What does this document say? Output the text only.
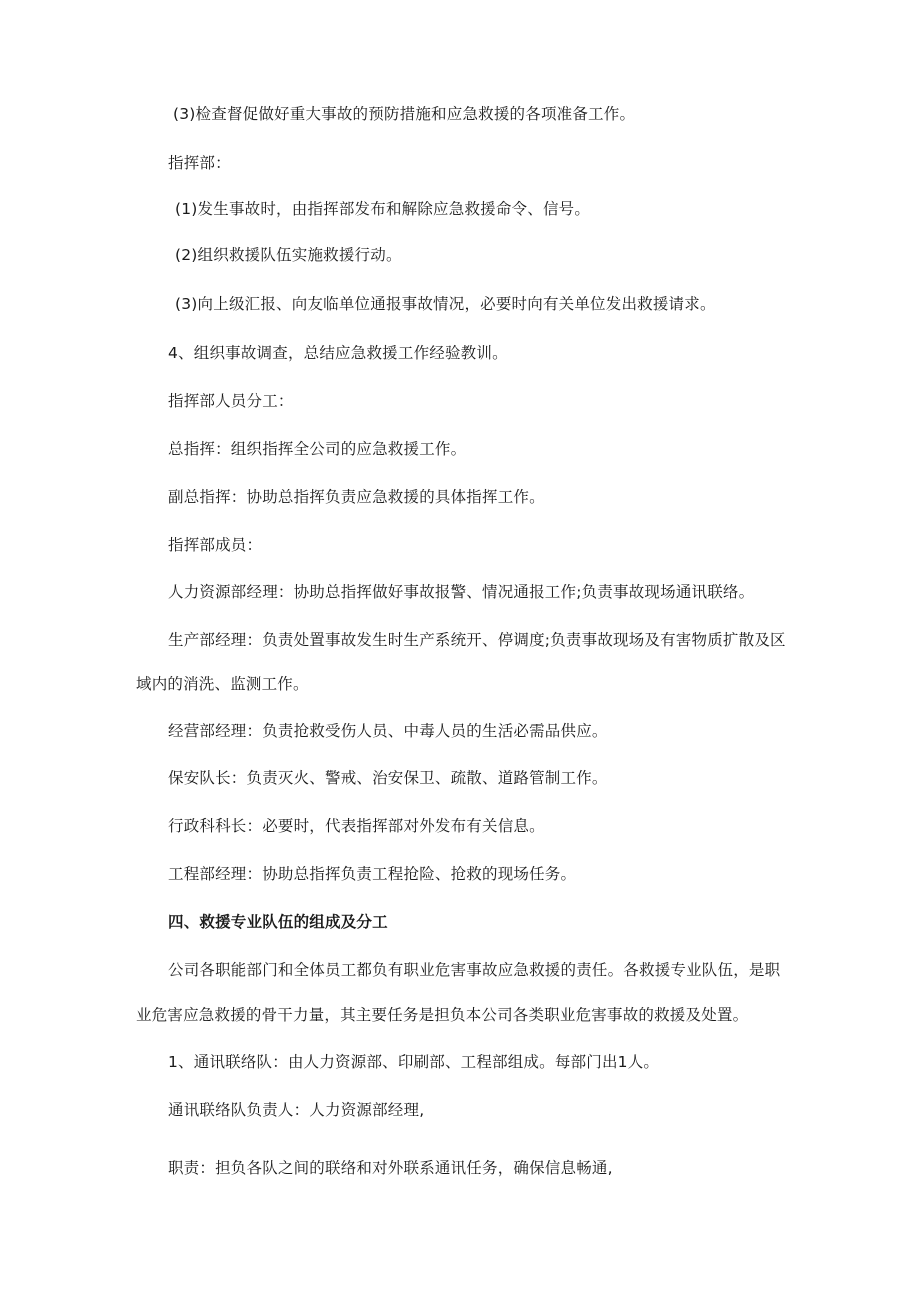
(3)检查督促做好重大事故的预防措施和应急救援的各项准备工作。
指挥部：
(1)发生事故时，由指挥部发布和解除应急救援命令、信号。
(2)组织救援队伍实施救援行动。
(3)向上级汇报、向友临单位通报事故情况，必要时向有关单位发出救援请求。
4、组织事故调查，总结应急救援工作经验教训。
指挥部人员分工：
总指挥：组织指挥全公司的应急救援工作。
副总指挥：协助总指挥负责应急救援的具体指挥工作。
指挥部成员：
人力资源部经理：协助总指挥做好事故报警、情况通报工作;负责事故现场通讯联络。
生产部经理：负责处置事故发生时生产系统开、停调度;负责事故现场及有害物质扩散及区
域内的消洗、监测工作。
经营部经理：负责抢救受伤人员、中毒人员的生活必需品供应。
保安队长：负责灭火、警戒、治安保卫、疏散、道路管制工作。
行政科科长：必要时，代表指挥部对外发布有关信息。
工程部经理：协助总指挥负责工程抢险、抢救的现场任务。
四、救援专业队伍的组成及分工
公司各职能部门和全体员工都负有职业危害事故应急救援的责任。各救援专业队伍，是职
业危害应急救援的骨干力量，其主要任务是担负本公司各类职业危害事故的救援及处置。
1、通讯联络队：由人力资源部、印刷部、工程部组成。每部门出1人。
通讯联络队负责人：人力资源部经理,
职责：担负各队之间的联络和对外联系通讯任务，确保信息畅通,
